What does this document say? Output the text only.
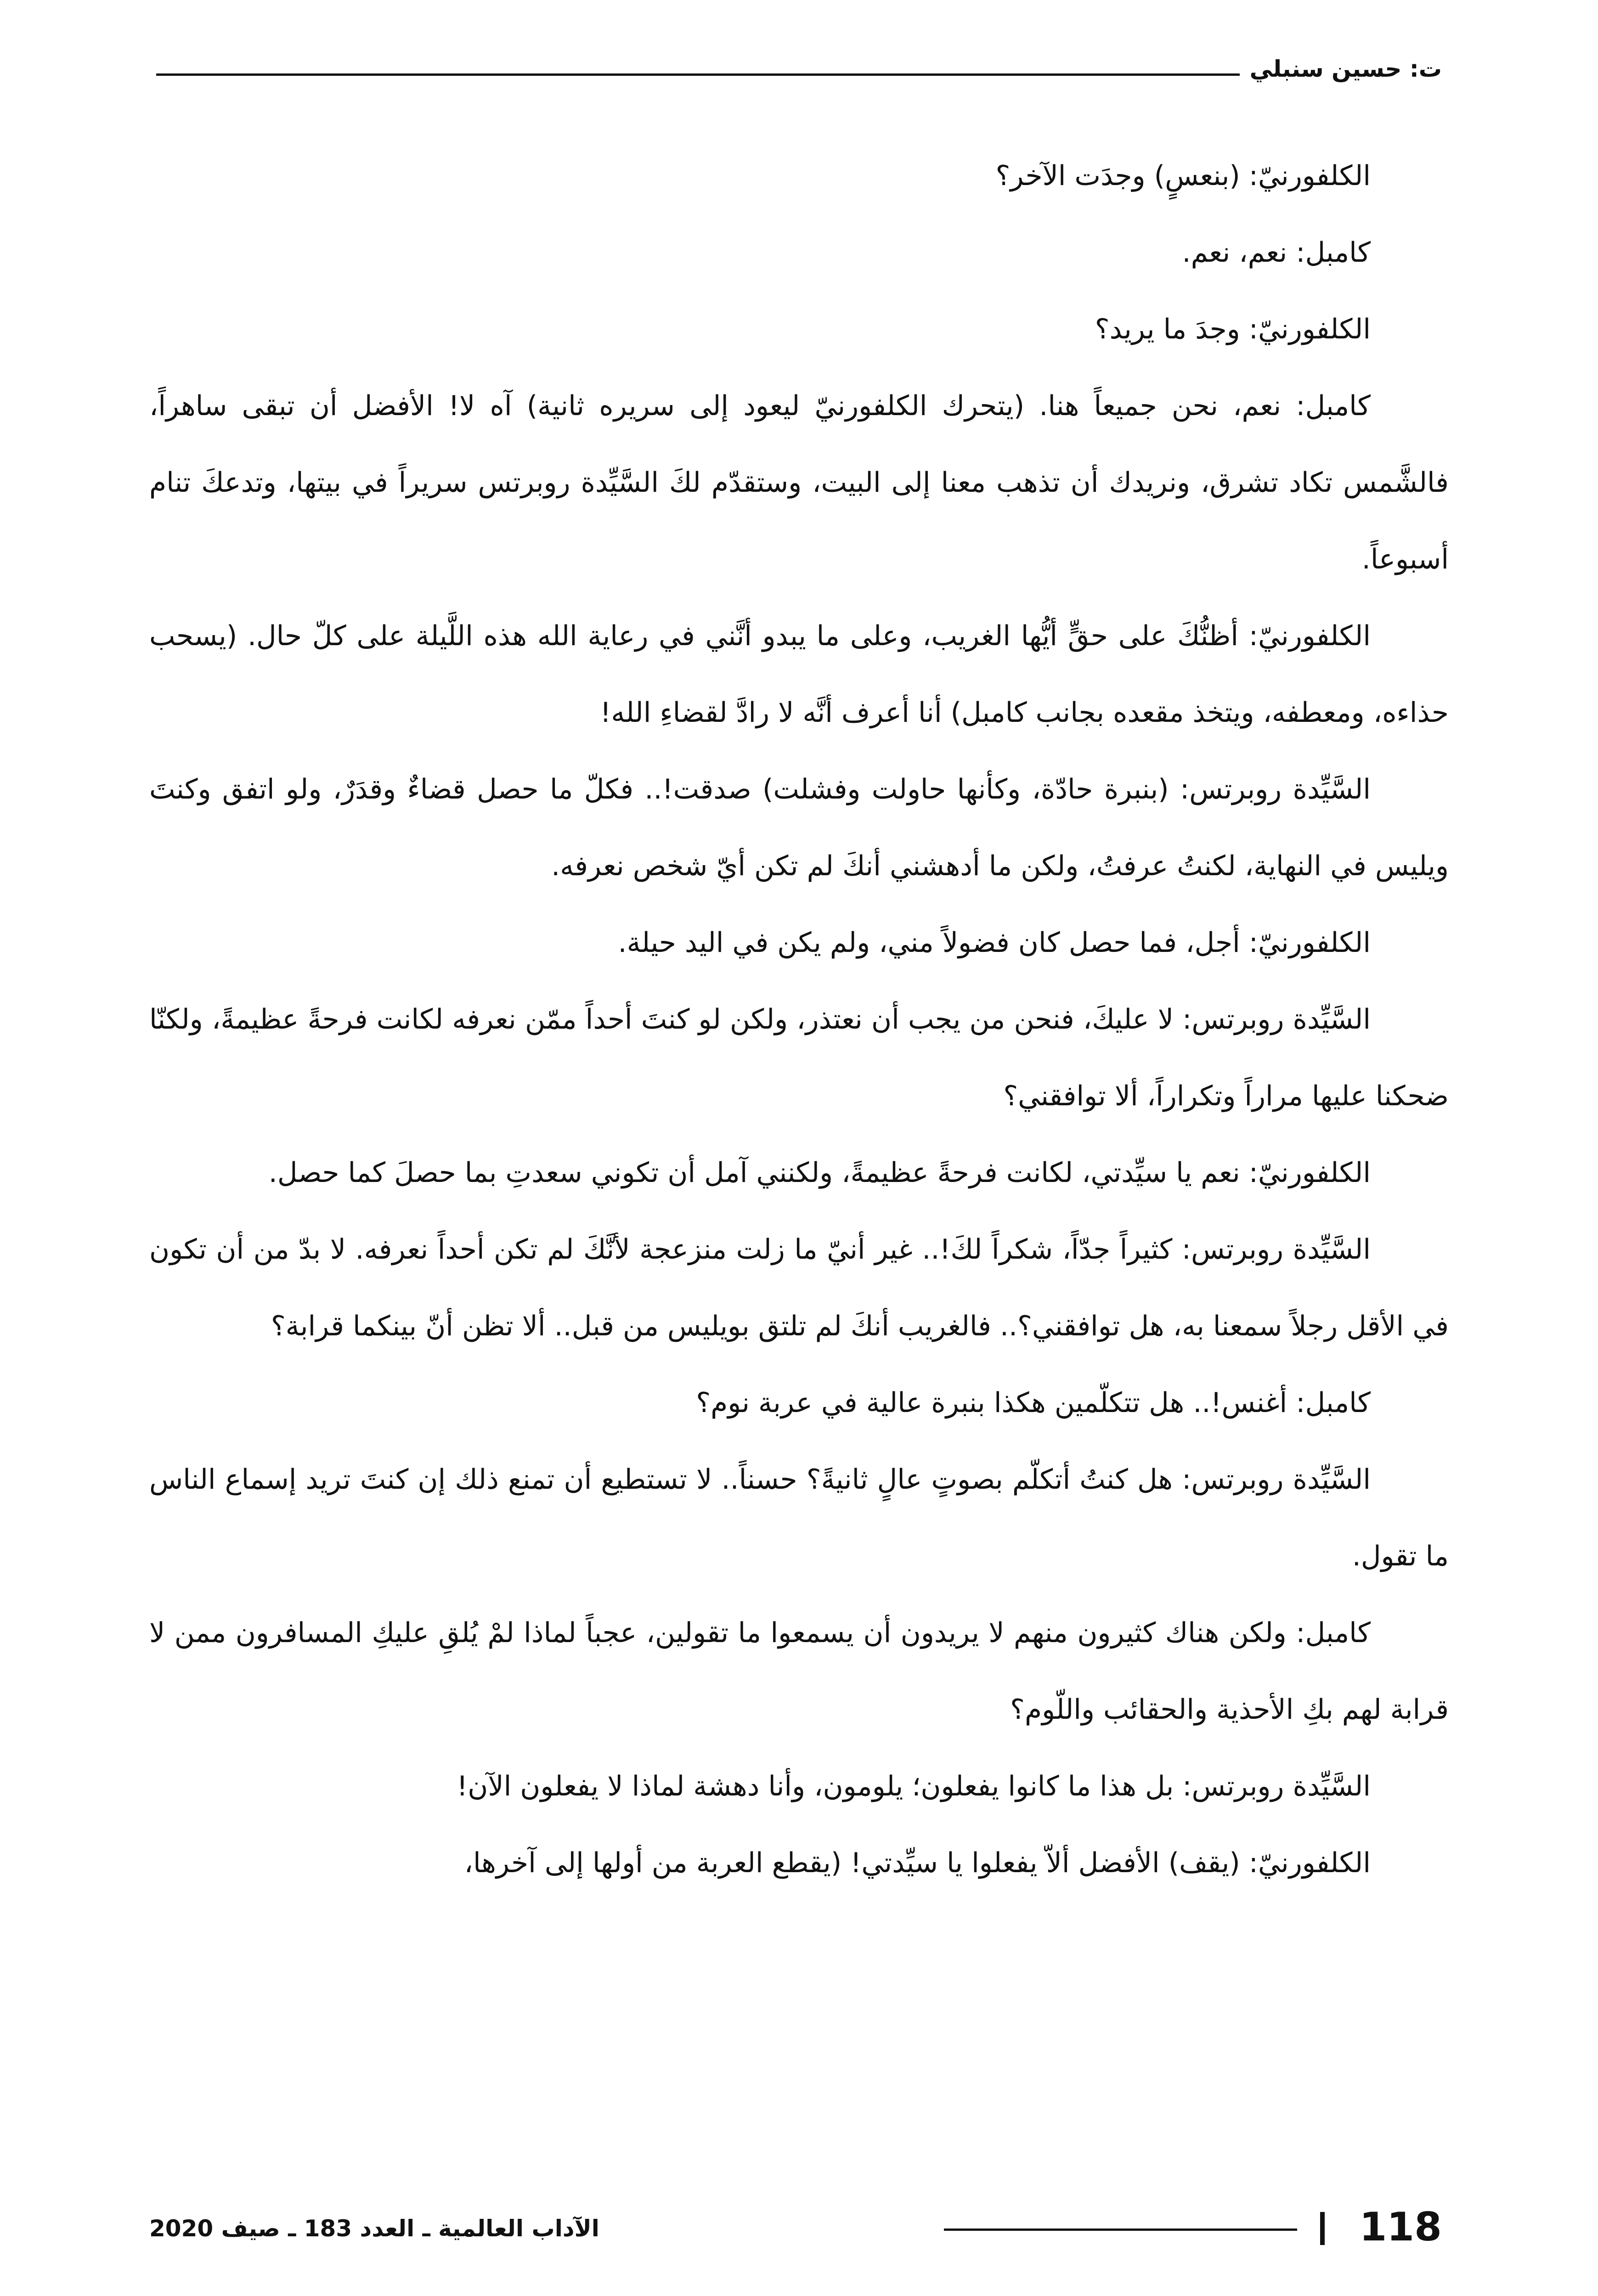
ت: حسين سنبلي

الكلفورنيّ: (بنعسٍ) وجدَت الآخر؟

كامبل: نعم، نعم.

الكلفورنيّ: وجدَ ما يريد؟

كامبل: نعم، نحن جميعاً هنا. (يتحرك الكلفورنيّ ليعود إلى سريره ثانية) آه لا! الأفضل أن تبقى ساهراً، فالشَّمس تكاد تشرق، ونريدك أن تذهب معنا إلى البيت، وستقدّم لكَ السَّيِّدة روبرتس سريراً في بيتها، وتدعكَ تنام أسبوعاً.

الكلفورنيّ: أظنُّكَ على حقٍّ أيُّها الغريب، وعلى ما يبدو أنَّني في رعاية الله هذه اللَّيلة على كلّ حال. (يسحب حذاءه، ومعطفه، ويتخذ مقعده بجانب كامبل) أنا أعرف أنَّه لا رادَّ لقضاءِ الله!

السَّيِّدة روبرتس: (بنبرة حادّة، وكأنها حاولت وفشلت) صدقت!.. فكلّ ما حصل قضاءٌ وقدَرٌ، ولو اتفق وكنتَ ويليس في النهاية، لكنتُ عرفتُ، ولكن ما أدهشني أنكَ لم تكن أيّ شخص نعرفه.

الكلفورنيّ: أجل، فما حصل كان فضولاً مني، ولم يكن في اليد حيلة.

السَّيِّدة روبرتس: لا عليكَ، فنحن من يجب أن نعتذر، ولكن لو كنتَ أحداً ممّن نعرفه لكانت فرحةً عظيمةً، ولكنّا ضحكنا عليها مراراً وتكراراً، ألا توافقني؟

الكلفورنيّ: نعم يا سيِّدتي، لكانت فرحةً عظيمةً، ولكنني آمل أن تكوني سعدتِ بما حصلَ كما حصل.

السَّيِّدة روبرتس: كثيراً جدّاً، شكراً لكَ!.. غير أنيّ ما زلت منزعجة لأنَّكَ لم تكن أحداً نعرفه. لا بدّ من أن تكون في الأقل رجلاً سمعنا به، هل توافقني؟.. فالغريب أنكَ لم تلتق بويليس من قبل.. ألا تظن أنّ بينكما قرابة؟

كامبل: أغنس!.. هل تتكلّمين هكذا بنبرة عالية في عربة نوم؟

السَّيِّدة روبرتس: هل كنتُ أتكلّم بصوتٍ عالٍ ثانيةً؟ حسناً.. لا تستطيع أن تمنع ذلك إن كنتَ تريد إسماع الناس ما تقول.

كامبل: ولكن هناك كثيرون منهم لا يريدون أن يسمعوا ما تقولين، عجباً لماذا لمْ يُلقِ عليكِ المسافرون ممن لا قرابة لهم بكِ الأحذية والحقائب واللّوم؟

السَّيِّدة روبرتس: بل هذا ما كانوا يفعلون؛ يلومون، وأنا دهشة لماذا لا يفعلون الآن!

الكلفورنيّ: (يقف) الأفضل ألاّ يفعلوا يا سيِّدتي! (يقطع العربة من أولها إلى آخرها،

118
الآداب العالمية ـ العدد 183 ـ صيف 2020
